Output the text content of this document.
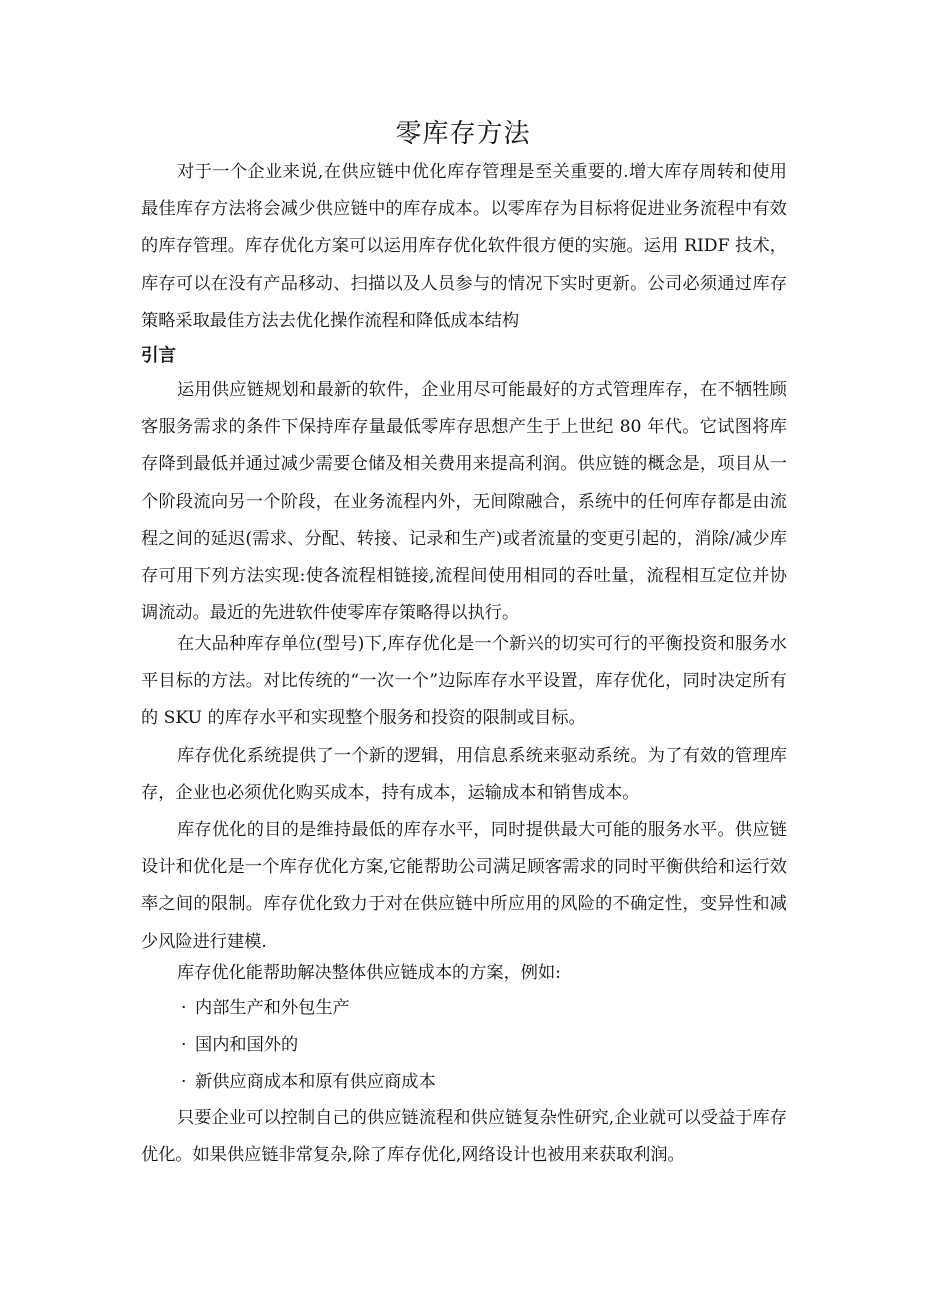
零库存方法

对于一个企业来说,在供应链中优化库存管理是至关重要的.增大库存周转和使用最佳库存方法将会减少供应链中的库存成本。以零库存为目标将促进业务流程中有效的库存管理。库存优化方案可以运用库存优化软件很方便的实施。运用 RIDF 技术，库存可以在没有产品移动、扫描以及人员参与的情况下实时更新。公司必须通过库存策略采取最佳方法去优化操作流程和降低成本结构

引言

运用供应链规划和最新的软件，企业用尽可能最好的方式管理库存，在不牺牲顾客服务需求的条件下保持库存量最低零库存思想产生于上世纪 80 年代。它试图将库存降到最低并通过减少需要仓储及相关费用来提高利润。供应链的概念是，项目从一个阶段流向另一个阶段，在业务流程内外，无间隙融合，系统中的任何库存都是由流程之间的延迟(需求、分配、转接、记录和生产)或者流量的变更引起的，消除/减少库存可用下列方法实现:使各流程相链接,流程间使用相同的吞吐量，流程相互定位并协调流动。最近的先进软件使零库存策略得以执行。

在大品种库存单位(型号)下,库存优化是一个新兴的切实可行的平衡投资和服务水平目标的方法。对比传统的“一次一个”边际库存水平设置，库存优化，同时决定所有的 SKU 的库存水平和实现整个服务和投资的限制或目标。

库存优化系统提供了一个新的逻辑，用信息系统来驱动系统。为了有效的管理库存，企业也必须优化购买成本，持有成本，运输成本和销售成本。

库存优化的目的是维持最低的库存水平，同时提供最大可能的服务水平。供应链设计和优化是一个库存优化方案,它能帮助公司满足顾客需求的同时平衡供给和运行效率之间的限制。库存优化致力于对在供应链中所应用的风险的不确定性，变异性和减少风险进行建模.

库存优化能帮助解决整体供应链成本的方案，例如:

· 内部生产和外包生产

· 国内和国外的

· 新供应商成本和原有供应商成本

只要企业可以控制自己的供应链流程和供应链复杂性研究,企业就可以受益于库存优化。如果供应链非常复杂,除了库存优化,网络设计也被用来获取利润。
